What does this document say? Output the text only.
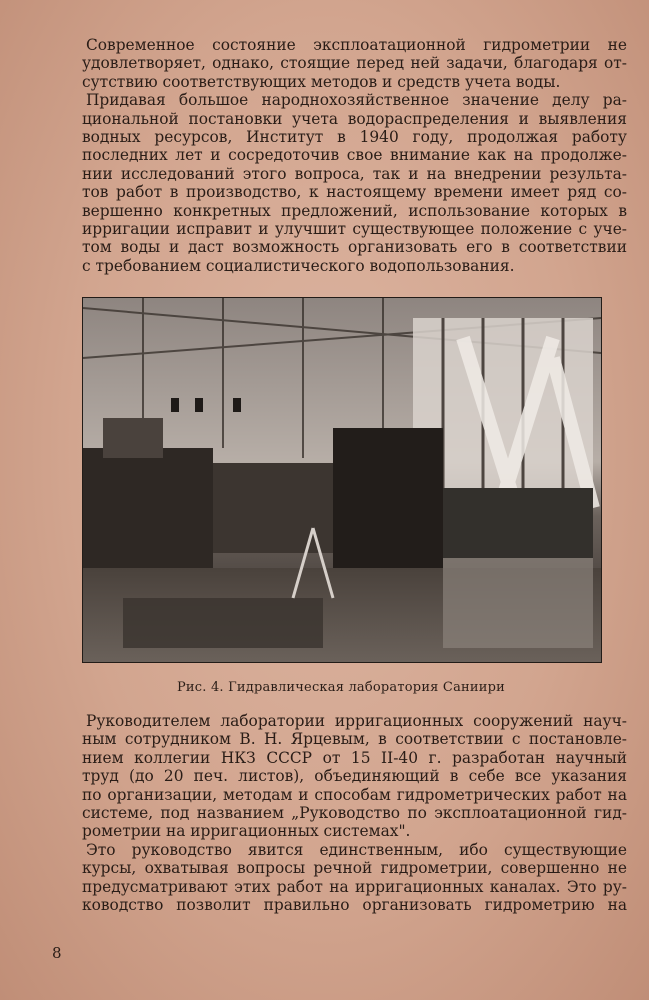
Современное состояние эксплоатационной гидрометрии не
удовлетворяет, однако, стоящие перед ней задачи, благодаря от-
сутствию соответствующих методов и средств учета воды.
Придавая большое народнохозяйственное значение делу ра-
циональной постановки учета водораспределения и выявления
водных ресурсов, Институт в 1940 году, продолжая работу
последних лет и сосредоточив свое внимание как на продолже-
нии исследований этого вопроса, так и на внедрении результа-
тов работ в производство, к настоящему времени имеет ряд со-
вершенно конкретных предложений, использование которых в
ирригации исправит и улучшит существующее положение с уче-
том воды и даст возможность организовать его в соответствии
с требованием социалистического водопользования.
Рис. 4. Гидравлическая лаборатория Сaниири
Руководителем лаборатории ирригационных сооружений науч-
ным сотрудником В. Н. Ярцевым, в соответствии с постановле-
нием коллегии НКЗ СССР от 15 II-40 г. разработан научный
труд (до 20 печ. листов), объединяющий в себе все указания
по организации, методам и способам гидрометрических работ на
системе, под названием „Руководство по эксплоатационной гид-
рометрии на ирригационных системах".
Это руководство явится единственным, ибо существующие
курсы, охватывая вопросы речной гидрометрии, совершенно не
предусматривают этих работ на ирригационных каналах. Это ру-
ководство позволит правильно организовать гидрометрию на
8
